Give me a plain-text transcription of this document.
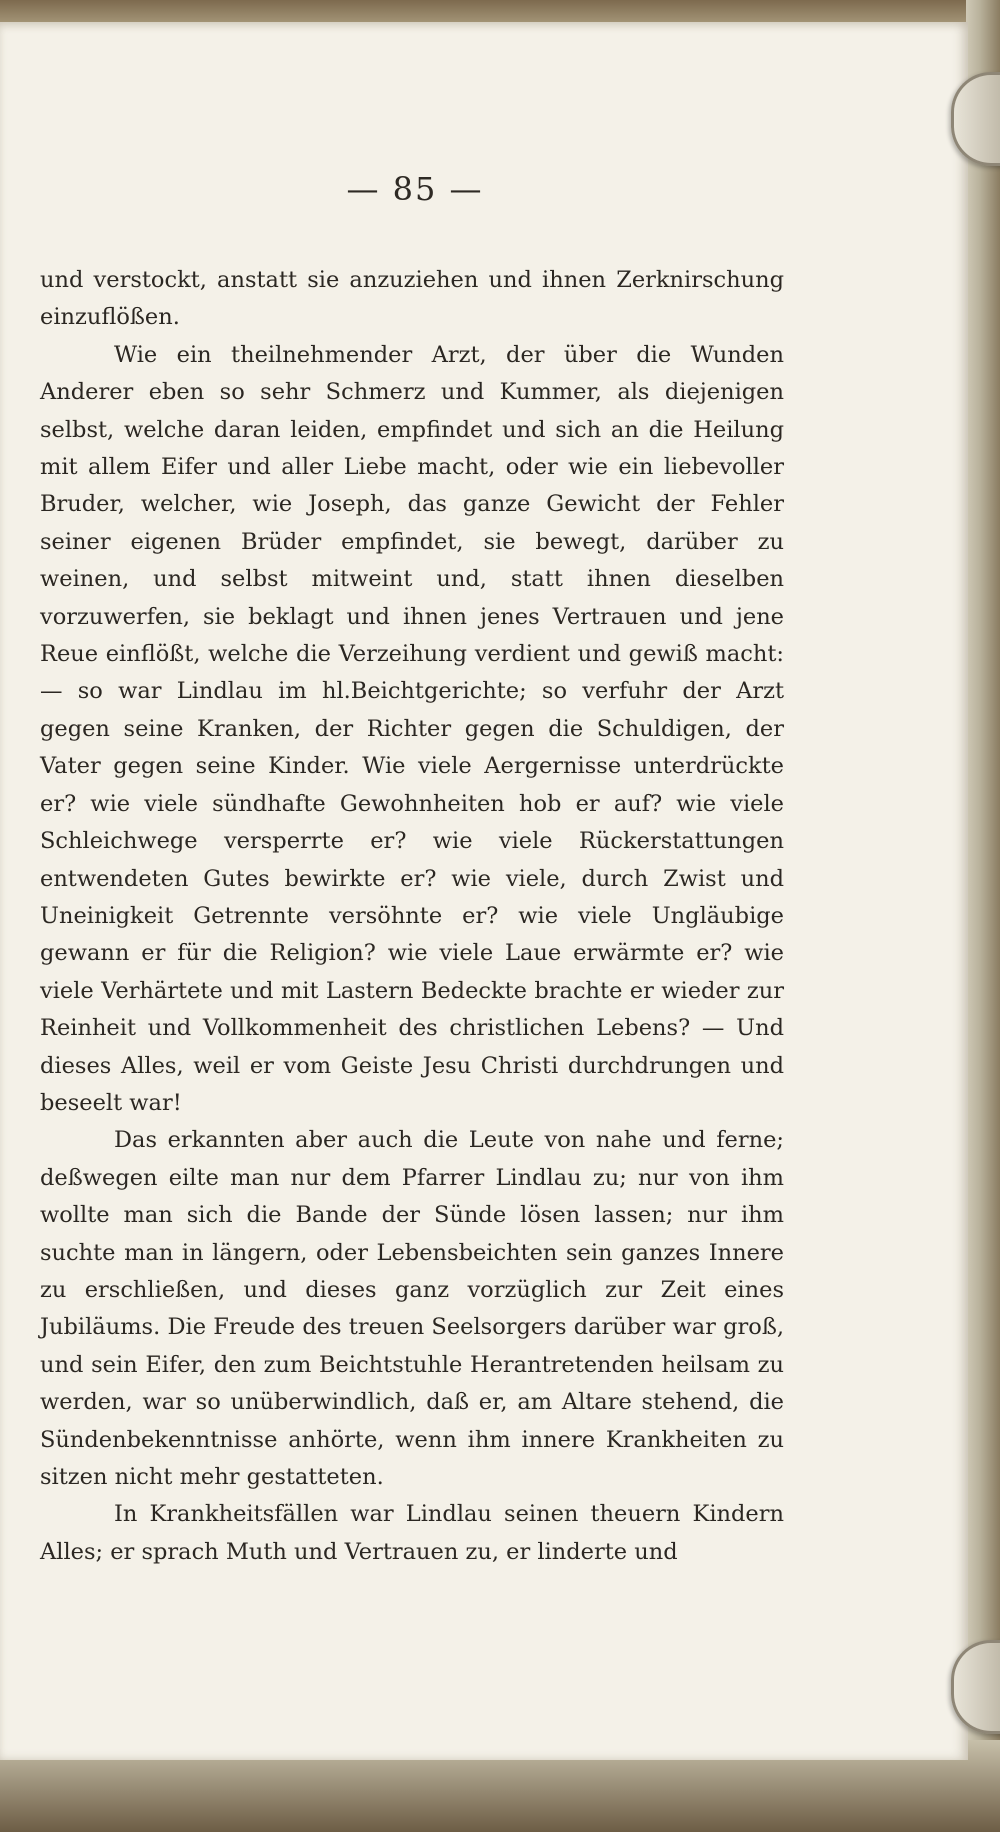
— 85 —

und verstockt, anstatt sie anzuziehen und ihnen Zerknirschung einzuflößen.

Wie ein theilnehmender Arzt, der über die Wunden Anderer eben so sehr Schmerz und Kummer, als diejenigen selbst, welche daran leiden, empfindet und sich an die Heilung mit allem Eifer und aller Liebe macht, oder wie ein liebevoller Bruder, welcher, wie Joseph, das ganze Gewicht der Fehler seiner eigenen Brüder empfindet, sie bewegt, darüber zu weinen, und selbst mitweint und, statt ihnen dieselben vorzuwerfen, sie beklagt und ihnen jenes Vertrauen und jene Reue einflößt, welche die Verzeihung verdient und gewiß macht: — so war Lindlau im hl.Beichtgerichte; so verfuhr der Arzt gegen seine Kranken, der Richter gegen die Schuldigen, der Vater gegen seine Kinder. Wie viele Aergernisse unterdrückte er? wie viele sündhafte Gewohnheiten hob er auf? wie viele Schleichwege versperrte er? wie viele Rückerstattungen entwendeten Gutes bewirkte er? wie viele, durch Zwist und Uneinigkeit Getrennte versöhnte er? wie viele Ungläubige gewann er für die Religion? wie viele Laue erwärmte er? wie viele Verhärtete und mit Lastern Bedeckte brachte er wieder zur Reinheit und Vollkommenheit des christlichen Lebens? — Und dieses Alles, weil er vom Geiste Jesu Christi durchdrungen und beseelt war!

Das erkannten aber auch die Leute von nahe und ferne; deßwegen eilte man nur dem Pfarrer Lindlau zu; nur von ihm wollte man sich die Bande der Sünde lösen lassen; nur ihm suchte man in längern, oder Lebensbeichten sein ganzes Innere zu erschließen, und dieses ganz vorzüglich zur Zeit eines Jubiläums. Die Freude des treuen Seelsorgers darüber war groß, und sein Eifer, den zum Beichtstuhle Herantretenden heilsam zu werden, war so unüberwindlich, daß er, am Altare stehend, die Sündenbekenntnisse anhörte, wenn ihm innere Krankheiten zu sitzen nicht mehr gestatteten.

In Krankheitsfällen war Lindlau seinen theuern Kindern Alles; er sprach Muth und Vertrauen zu, er linderte und
